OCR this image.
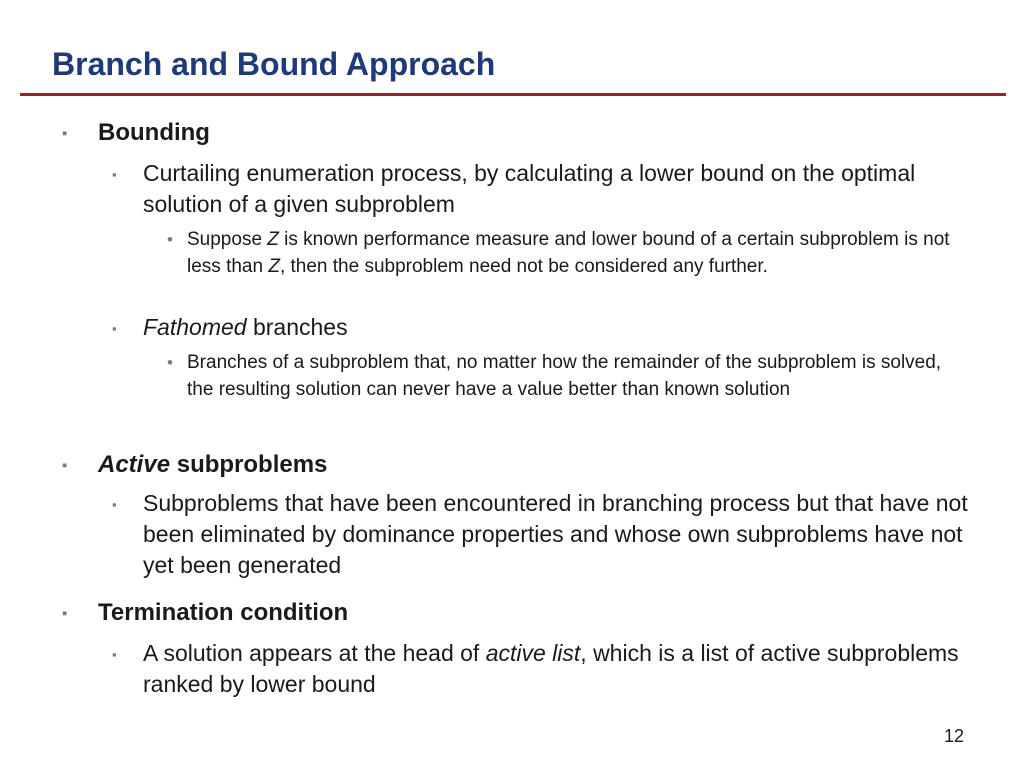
Branch and Bound Approach
▪ Bounding
▪ Curtailing enumeration process, by calculating a lower bound on the optimal solution of a given subproblem
• Suppose Z is known performance measure and lower bound of a certain subproblem is not less than Z, then the subproblem need not be considered any further.
▪ Fathomed branches
• Branches of a subproblem that, no matter how the remainder of the subproblem is solved, the resulting solution can never have a value better than known solution
▪ Active subproblems
▪ Subproblems that have been encountered in branching process but that have not been eliminated by dominance properties and whose own subproblems have not yet been generated
▪ Termination condition
▪ A solution appears at the head of active list, which is a list of active subproblems ranked by lower bound
12
